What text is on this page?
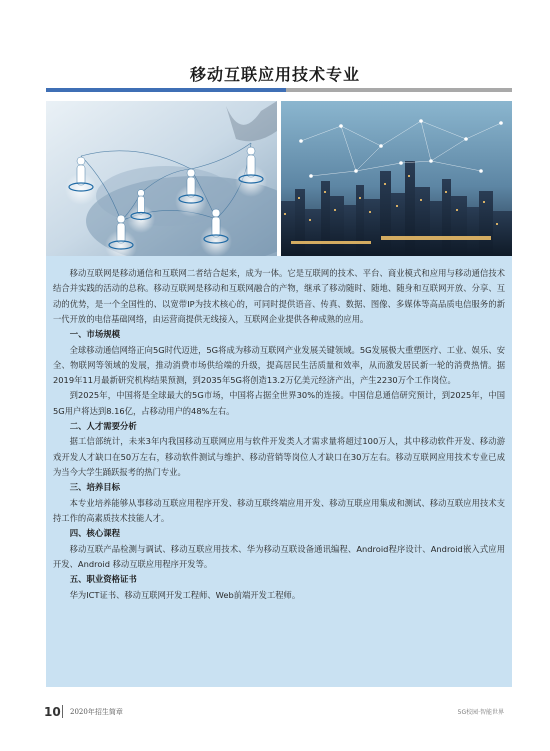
移动互联应用技术专业

移动互联网是移动通信和互联网二者结合起来，成为一体。它是互联网的技术、平台、商业模式和应用与移动通信技术结合并实践的活动的总称。移动互联网是移动和互联网融合的产物，继承了移动随时、随地、随身和互联网开放、分享、互动的优势，是一个全国性的、以宽带IP为技术核心的，可同时提供语音、传真、数据、图像、多媒体等高品质电信服务的新一代开放的电信基础网络，由运营商提供无线接入，互联网企业提供各种成熟的应用。

一、市场规模

全球移动通信网络正向5G时代迈进，5G将成为移动互联网产业发展关键领域。5G发展极大重塑医疗、工业、娱乐、安全、物联网等领域的发展，推动消费市场供给端的升级，提高居民生活质量和效率，从而激发居民新一轮的消费热情。据2019年11月最新研究机构结果预测，到2035年5G将创造13.2万亿美元经济产出，产生2230万个工作岗位。

到2025年，中国将是全球最大的5G市场，中国将占据全世界30%的连接。中国信息通信研究预计，到2025年，中国5G用户将达到8.16亿，占移动用户的48%左右。

二、人才需要分析

据工信部统计，未来3年内我国移动互联网应用与软件开发类人才需求量将超过100万人，其中移动软件开发、移动游戏开发人才缺口在50万左右，移动软件测试与维护、移动营销等岗位人才缺口在30万左右。移动互联网应用技术专业已成为当今大学生踊跃报考的热门专业。

三、培养目标

本专业培养能够从事移动互联应用程序开发、移动互联终端应用开发、移动互联应用集成和测试、移动互联应用技术支持工作的高素质技术技能人才。

四、核心课程

移动互联产品检测与调试、移动互联应用技术、华为移动互联设备通讯编程、Android程序设计、Android嵌入式应用开发、Android 移动互联应用程序开发等。

五、职业资格证书

华为ICT证书、移动互联网开发工程师、Web前端开发工程师。

10 2020年招生简章	5G校园·智能世界
